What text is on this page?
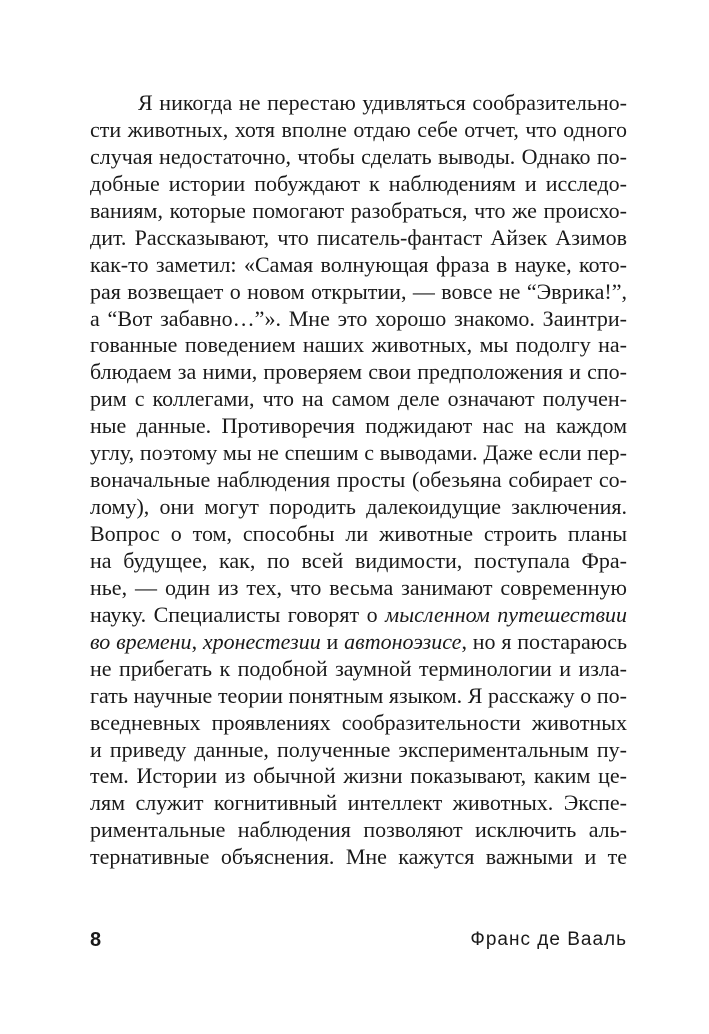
Я никогда не перестаю удивляться сообразительно-
сти животных, хотя вполне отдаю себе отчет, что одного
случая недостаточно, чтобы сделать выводы. Однако по-
добные истории побуждают к наблюдениям и исследо-
ваниям, которые помогают разобраться, что же происхо-
дит. Рассказывают, что писатель-фантаст Айзек Азимов
как-то заметил: «Самая волнующая фраза в науке, кото-
рая возвещает о новом открытии, — вовсе не “Эврика!”,
а “Вот забавно…”». Мне это хорошо знакомо. Заинтри-
гованные поведением наших животных, мы подолгу на-
блюдаем за ними, проверяем свои предположения и спо-
рим с коллегами, что на самом деле означают получен-
ные данные. Противоречия поджидают нас на каждом
углу, поэтому мы не спешим с выводами. Даже если пер-
воначальные наблюдения просты (обезьяна собирает со-
лому), они могут породить далекоидущие заключения.
Вопрос о том, способны ли животные строить планы
на будущее, как, по всей видимости, поступала Фра-
нье, — один из тех, что весьма занимают современную
науку. Специалисты говорят о мысленном путешествии
во времени, хронестезии и автоноэзисе, но я постараюсь
не прибегать к подобной заумной терминологии и изла-
гать научные теории понятным языком. Я расскажу о по-
вседневных проявлениях сообразительности животных
и приведу данные, полученные экспериментальным пу-
тем. Истории из обычной жизни показывают, каким це-
лям служит когнитивный интеллект животных. Экспе-
риментальные наблюдения позволяют исключить аль-
тернативные объяснения. Мне кажутся важными и те
8	Франс де Вааль
